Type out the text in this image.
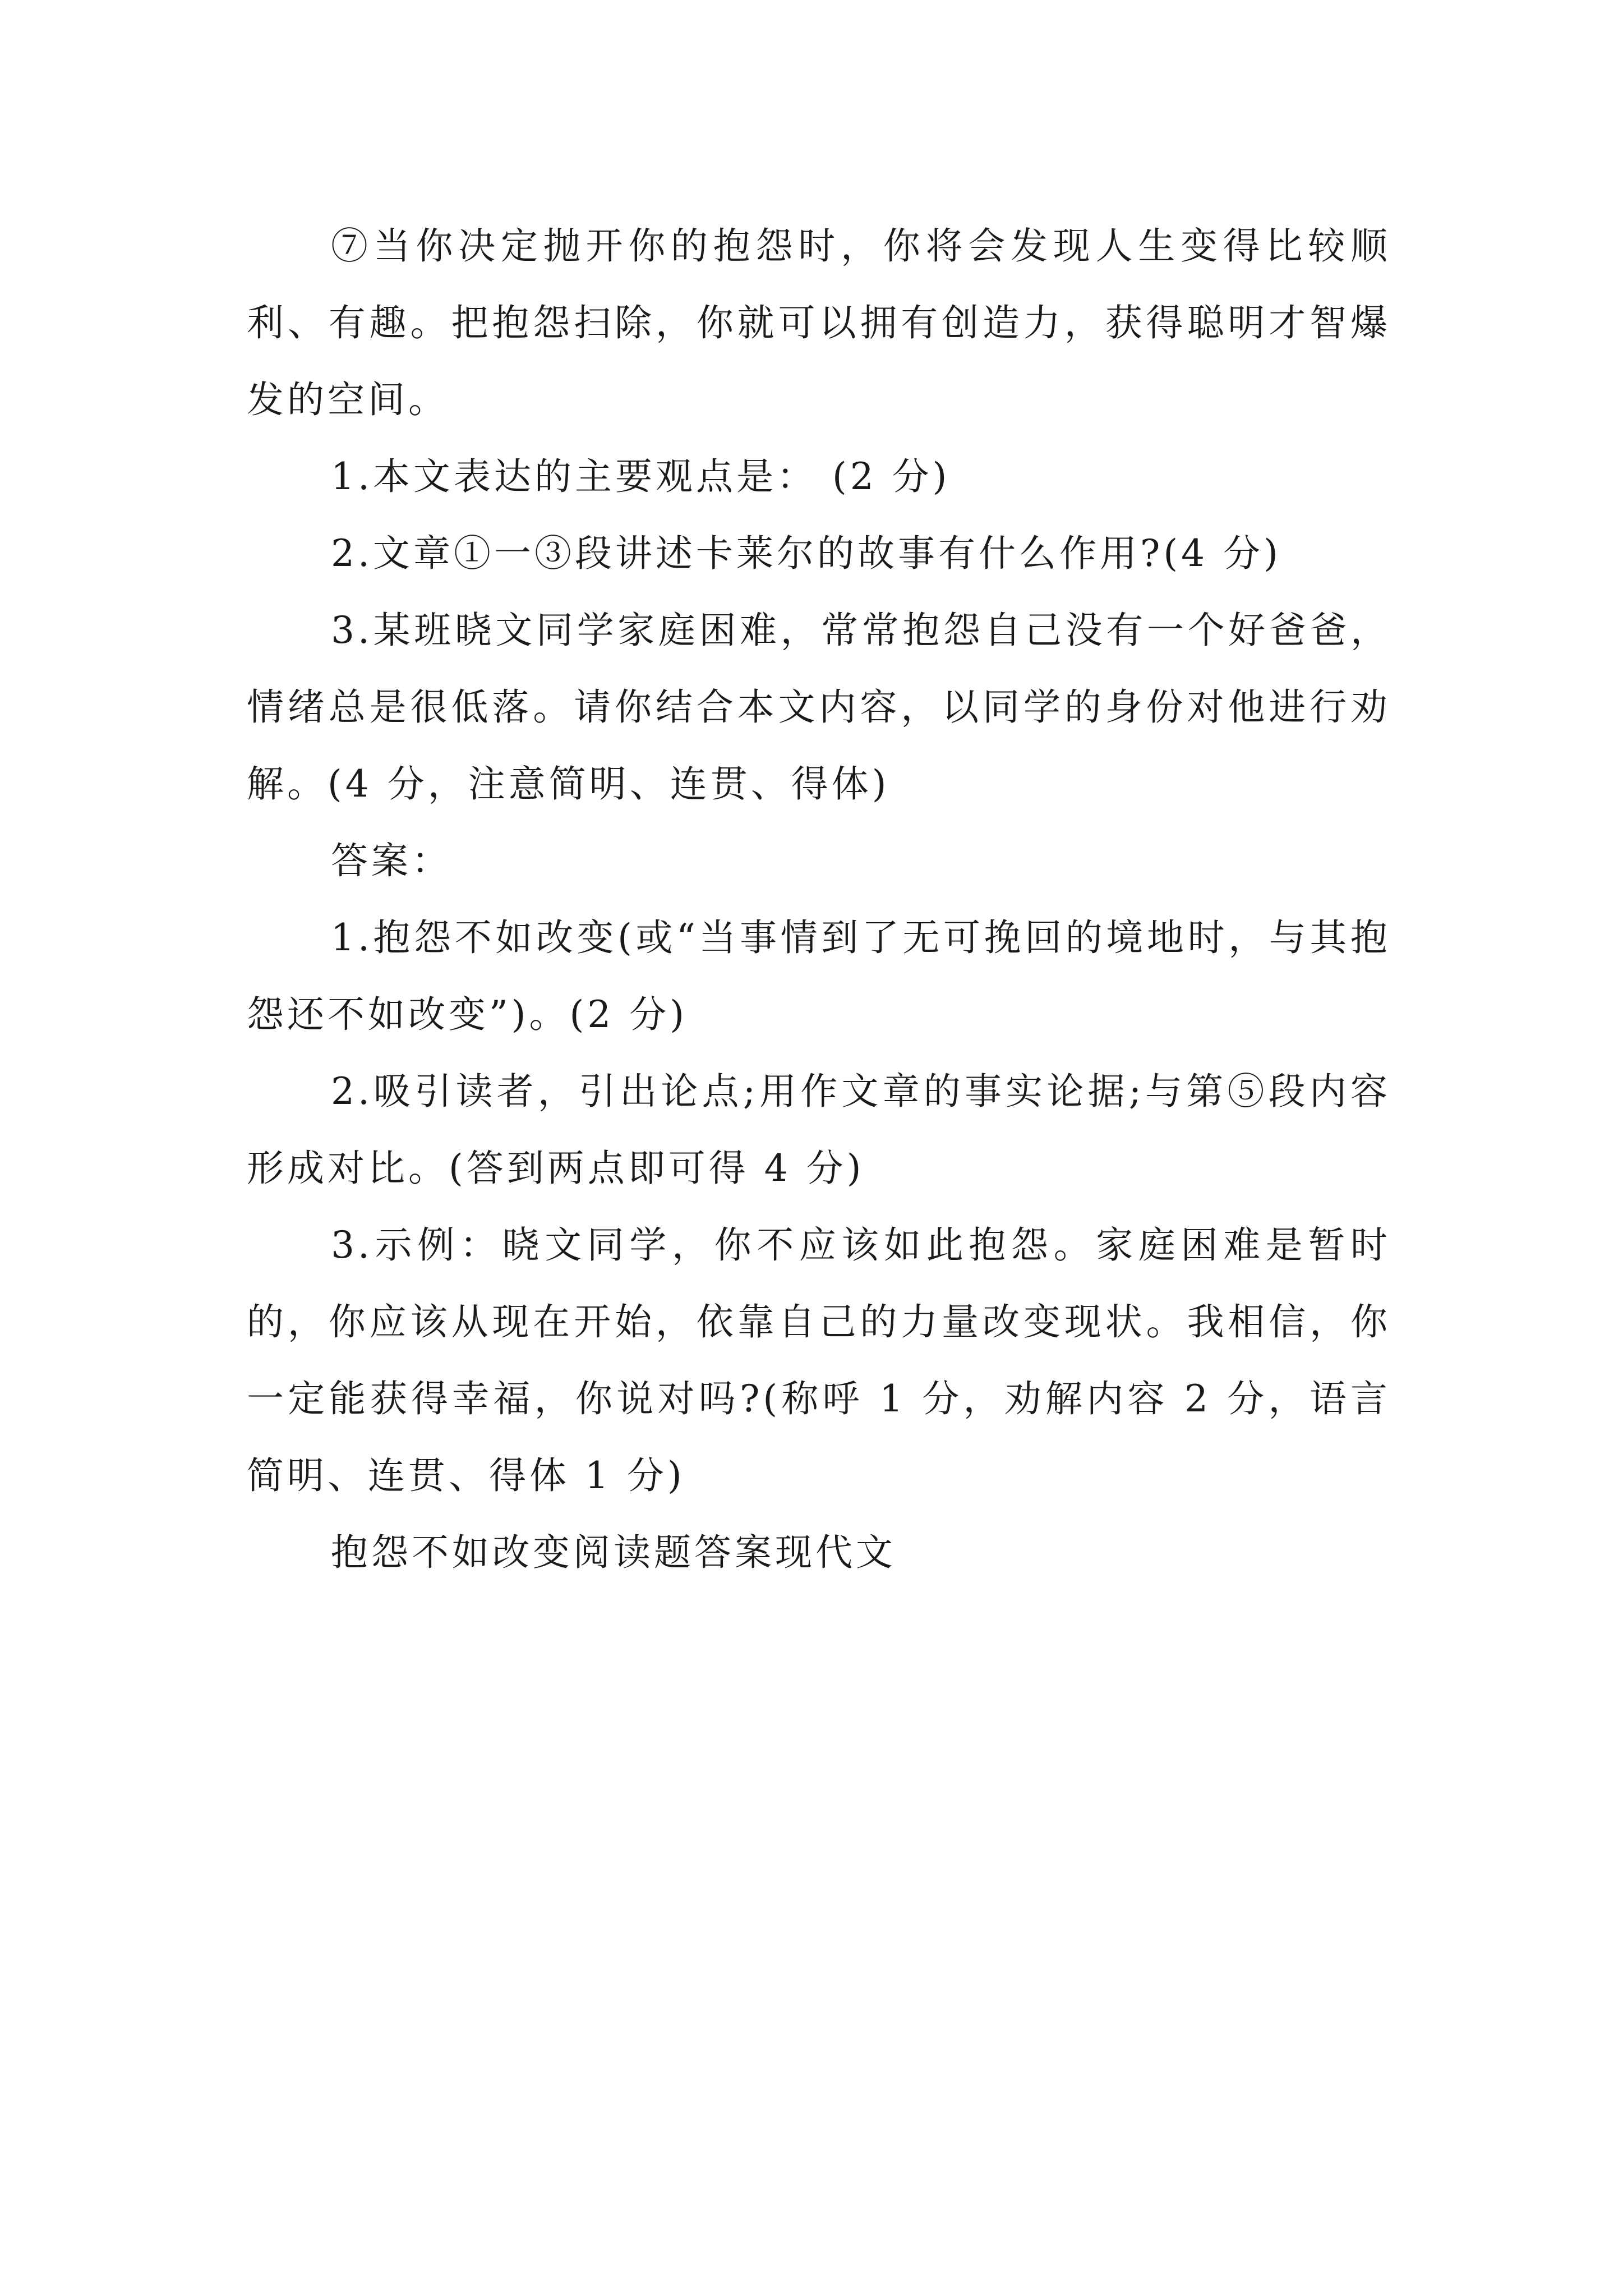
⑦当你决定抛开你的抱怨时，你将会发现人生变得比较顺利、有趣。把抱怨扫除，你就可以拥有创造力，获得聪明才智爆发的空间。

1.本文表达的主要观点是： (2 分)

2.文章①一③段讲述卡莱尔的故事有什么作用?(4 分)

3.某班晓文同学家庭困难，常常抱怨自己没有一个好爸爸，情绪总是很低落。请你结合本文内容，以同学的身份对他进行劝解。(4 分，注意简明、连贯、得体)

答案：

1.抱怨不如改变(或“当事情到了无可挽回的境地时，与其抱怨还不如改变”)。(2 分)

2.吸引读者，引出论点;用作文章的事实论据;与第⑤段内容形成对比。(答到两点即可得 4 分)

3.示例：晓文同学，你不应该如此抱怨。家庭困难是暂时的，你应该从现在开始，依靠自己的力量改变现状。我相信，你一定能获得幸福，你说对吗?(称呼 1 分，劝解内容 2 分，语言简明、连贯、得体 1 分)

抱怨不如改变阅读题答案现代文
